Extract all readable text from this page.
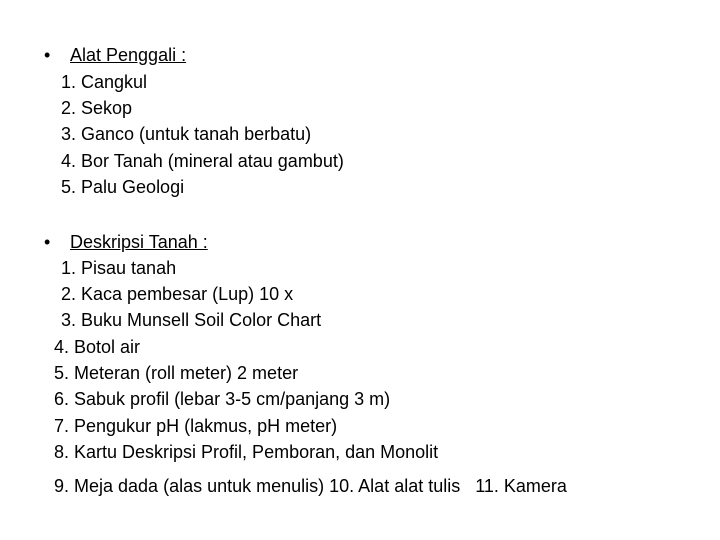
• Alat Penggali :
1. Cangkul
2. Sekop
3. Ganco (untuk tanah berbatu)
4. Bor Tanah (mineral atau gambut)
5. Palu Geologi
• Deskripsi Tanah :
1. Pisau tanah
2. Kaca pembesar (Lup) 10 x
3. Buku Munsell Soil Color Chart
4. Botol air
5. Meteran (roll meter) 2 meter
6. Sabuk profil (lebar 3-5 cm/panjang 3 m)
7. Pengukur pH (lakmus, pH meter)
8. Kartu Deskripsi Profil, Pemboran, dan Monolit
9. Meja dada (alas untuk menulis) 10. Alat alat tulis   11. Kamera
